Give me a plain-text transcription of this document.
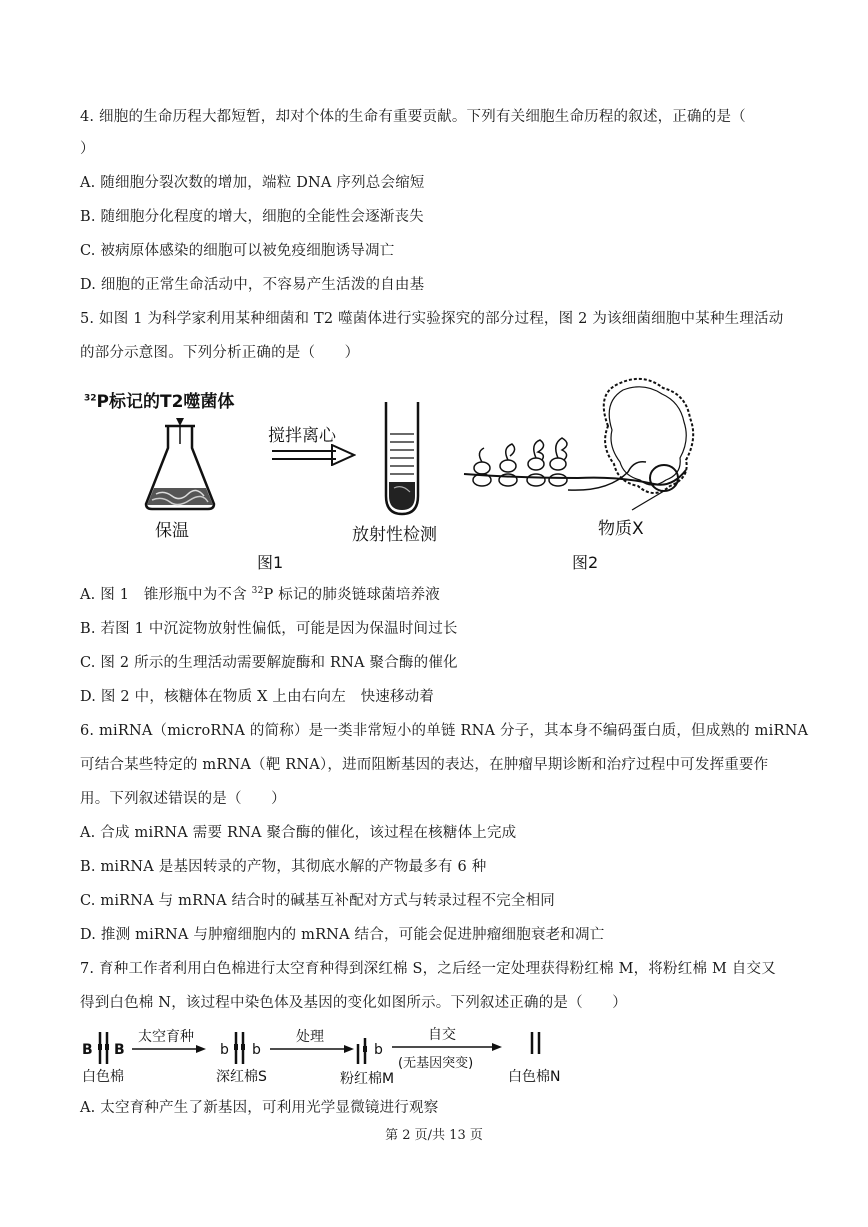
4. 细胞的生命历程大都短暂，却对个体的生命有重要贡献。下列有关细胞生命历程的叙述，正确的是（
）
A. 随细胞分裂次数的增加，端粒 DNA 序列总会缩短
B. 随细胞分化程度的增大，细胞的全能性会逐渐丧失
C. 被病原体感染的细胞可以被免疫细胞诱导凋亡
D. 细胞的正常生命活动中，不容易产生活泼的自由基
5. 如图 1 为科学家利用某种细菌和 T2 噬菌体进行实验探究的部分过程，图 2 为该细菌细胞中某种生理活动
的部分示意图。下列分析正确的是（　　）
$^{32}$P标记的T2噬菌体
保温
搅拌离心
放射性检测
图1
物质X
图2
A. 图 1　锥形瓶中为不含 $^{32}$P 标记的肺炎链球菌培养液
B. 若图 1 中沉淀物放射性偏低，可能是因为保温时间过长
C. 图 2 所示的生理活动需要解旋酶和 RNA 聚合酶的催化
D. 图 2 中，核糖体在物质 X 上由右向左　快速移动着
6. miRNA（microRNA 的简称）是一类非常短小的单链 RNA 分子，其本身不编码蛋白质，但成熟的 miRNA
可结合某些特定的 mRNA（靶 RNA），进而阻断基因的表达，在肿瘤早期诊断和治疗过程中可发挥重要作
用。下列叙述错误的是（　　）
A. 合成 miRNA 需要 RNA 聚合酶的催化，该过程在核糖体上完成
B. miRNA 是基因转录的产物，其彻底水解的产物最多有 6 种
C. miRNA 与 mRNA 结合时的碱基互补配对方式与转录过程不完全相同
D. 推测 miRNA 与肿瘤细胞内的 mRNA 结合，可能会促进肿瘤细胞衰老和凋亡
7. 育种工作者利用白色棉进行太空育种得到深红棉 S，之后经一定处理获得粉红棉 M，将粉红棉 M 自交又
得到白色棉 N，该过程中染色体及基因的变化如图所示。下列叙述正确的是（　　）
B B
白色棉
太空育种
b b
深红棉S
处理
b
粉红棉M
自交
(无基因突变)
白色棉N
A. 太空育种产生了新基因，可利用光学显微镜进行观察
第 2 页/共 13 页
